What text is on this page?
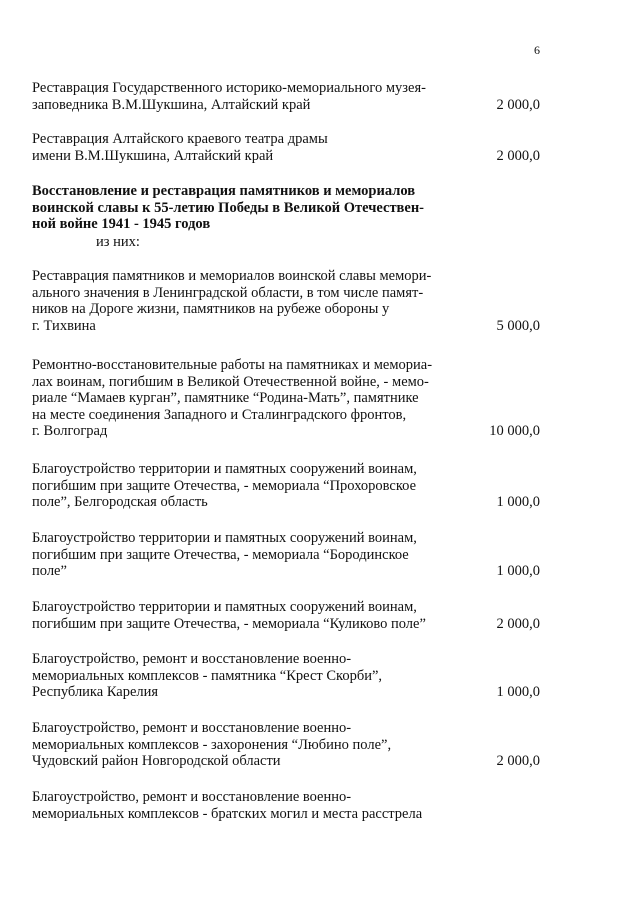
6
Реставрация Государственного историко-мемориального музея-
заповедника В.М.Шукшина, Алтайский край	2 000,0
Реставрация Алтайского краевого театра драмы
имени В.М.Шукшина, Алтайский край	2 000,0
Восстановление и реставрация памятников и мемориалов
воинской славы к 55-летию Победы в Великой Отечествен-
ной войне 1941 - 1945 годов
из них:
Реставрация памятников и мемориалов воинской славы мемори-
ального значения в Ленинградской области, в том числе памят-
ников на Дороге жизни, памятников на рубеже обороны у
г. Тихвина	5 000,0
Ремонтно-восстановительные работы на памятниках и мемориа-
лах воинам, погибшим в Великой Отечественной войне, - мемо-
риале “Мамаев курган”, памятнике “Родина-Мать”, памятнике
на месте соединения Западного и Сталинградского фронтов,
г. Волгоград	10 000,0
Благоустройство территории и памятных сооружений воинам,
погибшим при защите Отечества, - мемориала “Прохоровское
поле”, Белгородская область	1 000,0
Благоустройство территории и памятных сооружений воинам,
погибшим при защите Отечества, - мемориала “Бородинское
поле”	1 000,0
Благоустройство территории и памятных сооружений воинам,
погибшим при защите Отечества, - мемориала “Куликово поле”	2 000,0
Благоустройство, ремонт и восстановление военно-
мемориальных комплексов - памятника “Крест Скорби”,
Республика Карелия	1 000,0
Благоустройство, ремонт и восстановление военно-
мемориальных комплексов - захоронения “Любино поле”,
Чудовский район Новгородской области	2 000,0
Благоустройство, ремонт и восстановление военно-
мемориальных комплексов - братских могил и места расстрела
